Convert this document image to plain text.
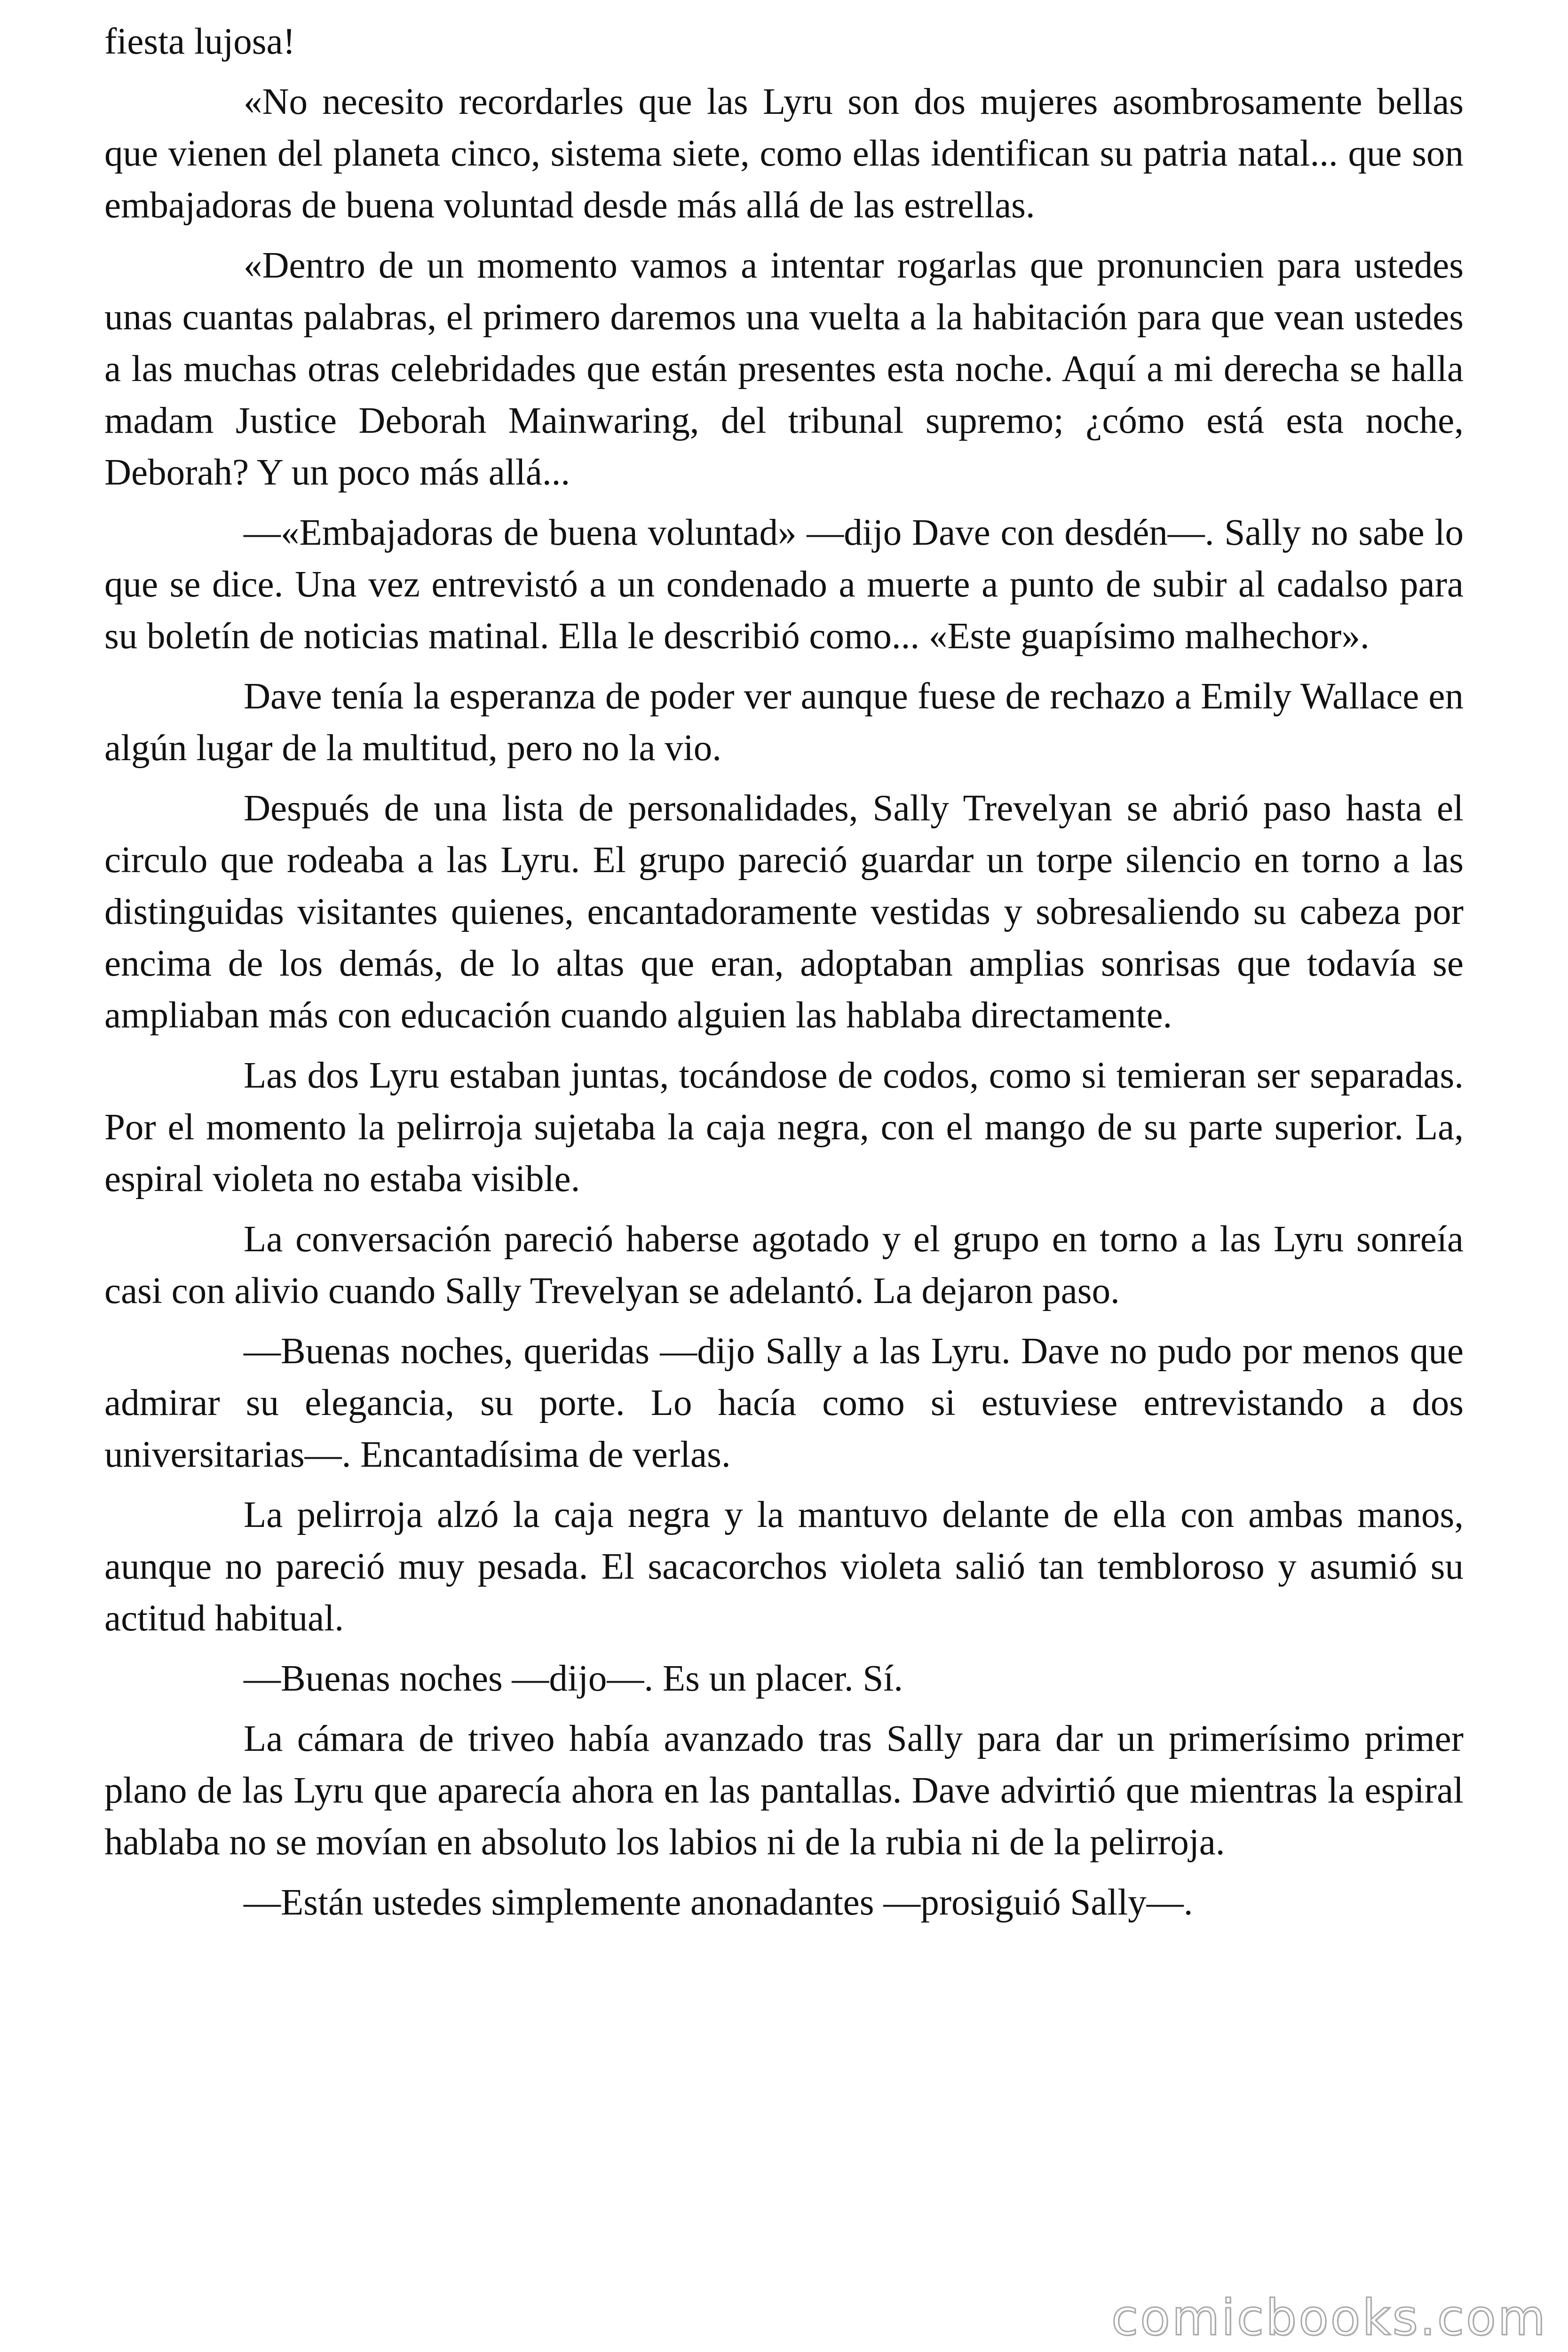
fiesta lujosa!

«No necesito recordarles que las Lyru son dos mujeres asombrosamente bellas que vienen del planeta cinco, sistema siete, como ellas identifican su patria natal... que son embajadoras de buena voluntad desde más allá de las estrellas.

«Dentro de un momento vamos a intentar rogarlas que pronuncien para ustedes unas cuantas palabras, el primero daremos una vuelta a la habitación para que vean ustedes a las muchas otras celebridades que están presentes esta noche. Aquí a mi derecha se halla madam Justice Deborah Mainwaring, del tribunal supremo; ¿cómo está esta noche, Deborah? Y un poco más allá...

—«Embajadoras de buena voluntad» —dijo Dave con desdén—. Sally no sabe lo que se dice. Una vez entrevistó a un condenado a muerte a punto de subir al cadalso para su boletín de noticias matinal. Ella le describió como... «Este guapísimo malhechor».

Dave tenía la esperanza de poder ver aunque fuese de rechazo a Emily Wallace en algún lugar de la multitud, pero no la vio.

Después de una lista de personalidades, Sally Trevelyan se abrió paso hasta el circulo que rodeaba a las Lyru. El grupo pareció guardar un torpe silencio en torno a las distinguidas visitantes quienes, encantadoramente vestidas y sobresaliendo su cabeza por encima de los demás, de lo altas que eran, adoptaban amplias sonrisas que todavía se ampliaban más con educación cuando alguien las hablaba directamente.

Las dos Lyru estaban juntas, tocándose de codos, como si temieran ser separadas. Por el momento la pelirroja sujetaba la caja negra, con el mango de su parte superior. La, espiral violeta no estaba visible.

La conversación pareció haberse agotado y el grupo en torno a las Lyru sonreía casi con alivio cuando Sally Trevelyan se adelantó. La dejaron paso.

—Buenas noches, queridas —dijo Sally a las Lyru. Dave no pudo por menos que admirar su elegancia, su porte. Lo hacía como si estuviese entrevistando a dos universitarias—. Encantadísima de verlas.

La pelirroja alzó la caja negra y la mantuvo delante de ella con ambas manos, aunque no pareció muy pesada. El sacacorchos violeta salió tan tembloroso y asumió su actitud habitual.

—Buenas noches —dijo—. Es un placer. Sí.

La cámara de triveo había avanzado tras Sally para dar un primerísimo primer plano de las Lyru que aparecía ahora en las pantallas. Dave advirtió que mientras la espiral hablaba no se movían en absoluto los labios ni de la rubia ni de la pelirroja.

—Están ustedes simplemente anonadantes —prosiguió Sally—.

comicbooks.com
